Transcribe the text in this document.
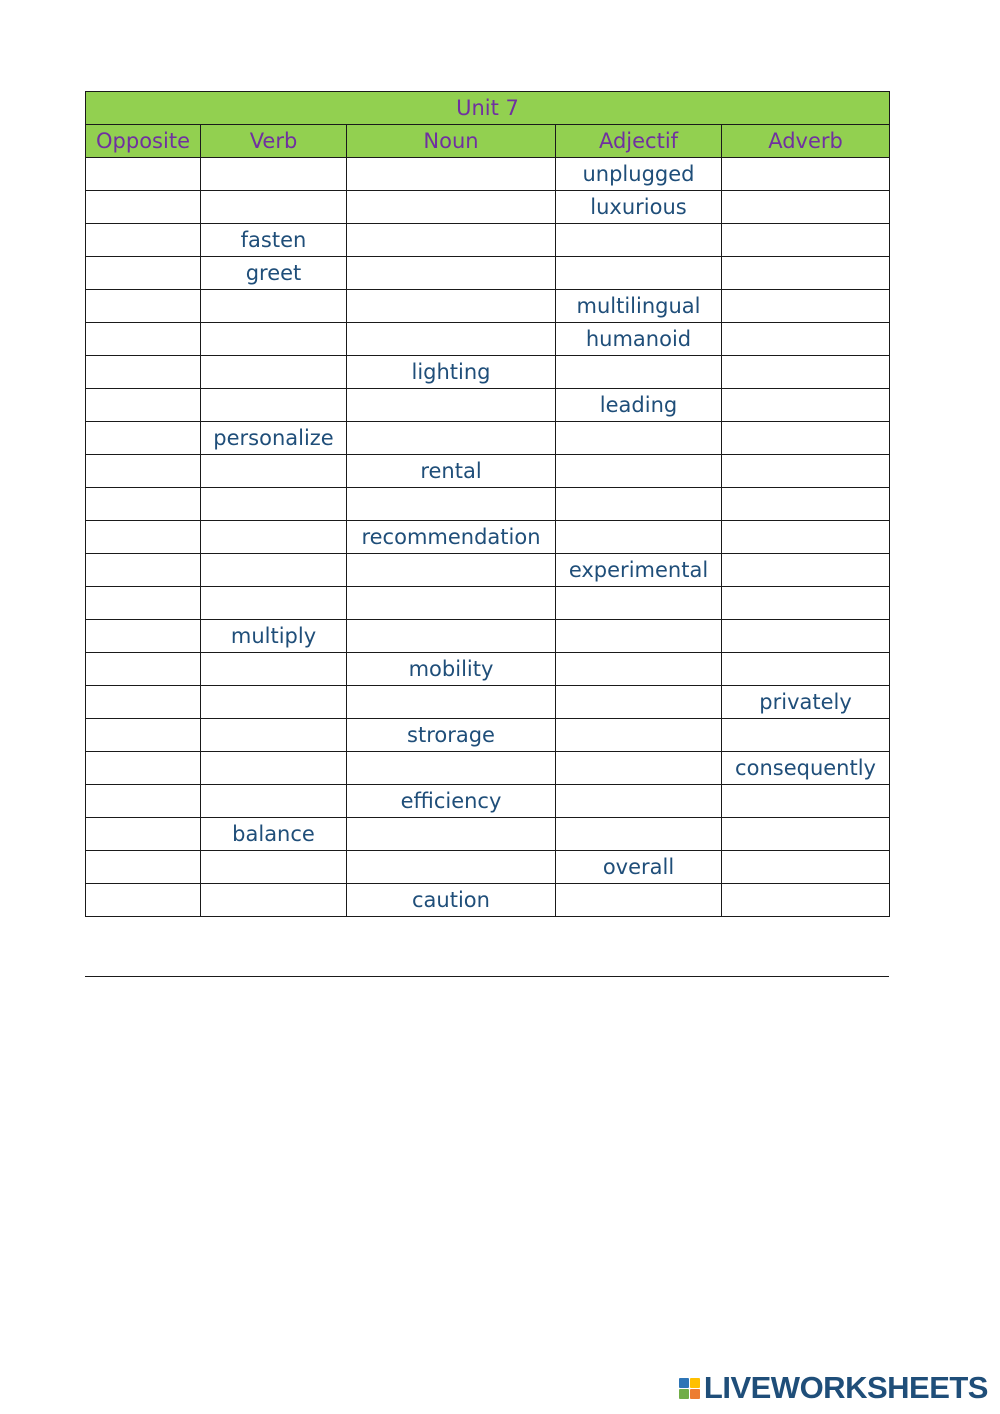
Unit 7				
Opposite	Verb	Noun	Adjectif	Adverb
			unplugged	
			luxurious	
	fasten			
	greet			
			multilingual	
			humanoid	
		lighting		
			leading	
	personalize			
		rental		

		recommendation		
			experimental	

	multiply			
		mobility		
				privately
		strorage		
				consequently
		efficiency		
	balance			
			overall	
		caution		
LIVEWORKSHEETS
